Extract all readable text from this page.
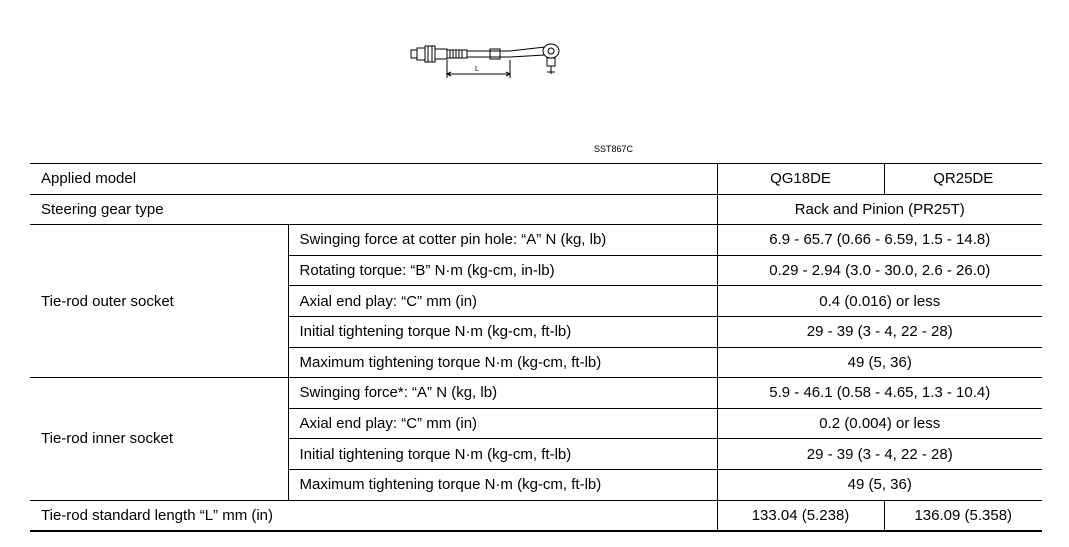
L
SST867C
Applied model		QG18DE	QR25DE
Steering gear type		Rack and Pinion (PR25T)	
Tie-rod outer socket	Swinging force at cotter pin hole: “A” N (kg, lb)	6.9 - 65.7 (0.66 - 6.59, 1.5 - 14.8)	
	Rotating torque: “B” N·m (kg-cm, in-lb)	0.29 - 2.94 (3.0 - 30.0, 2.6 - 26.0)	
	Axial end play: “C” mm (in)	0.4 (0.016) or less	
	Initial tightening torque N·m (kg-cm, ft-lb)	29 - 39 (3 - 4, 22 - 28)	
	Maximum tightening torque N·m (kg-cm, ft-lb)	49 (5, 36)	
Tie-rod inner socket	Swinging force*: “A” N (kg, lb)	5.9 - 46.1 (0.58 - 4.65, 1.3 - 10.4)	
	Axial end play: “C” mm (in)	0.2 (0.004) or less	
	Initial tightening torque N·m (kg-cm, ft-lb)	29 - 39 (3 - 4, 22 - 28)	
	Maximum tightening torque N·m (kg-cm, ft-lb)	49 (5, 36)	
Tie-rod standard length “L” mm (in)		133.04 (5.238)	136.09 (5.358)
